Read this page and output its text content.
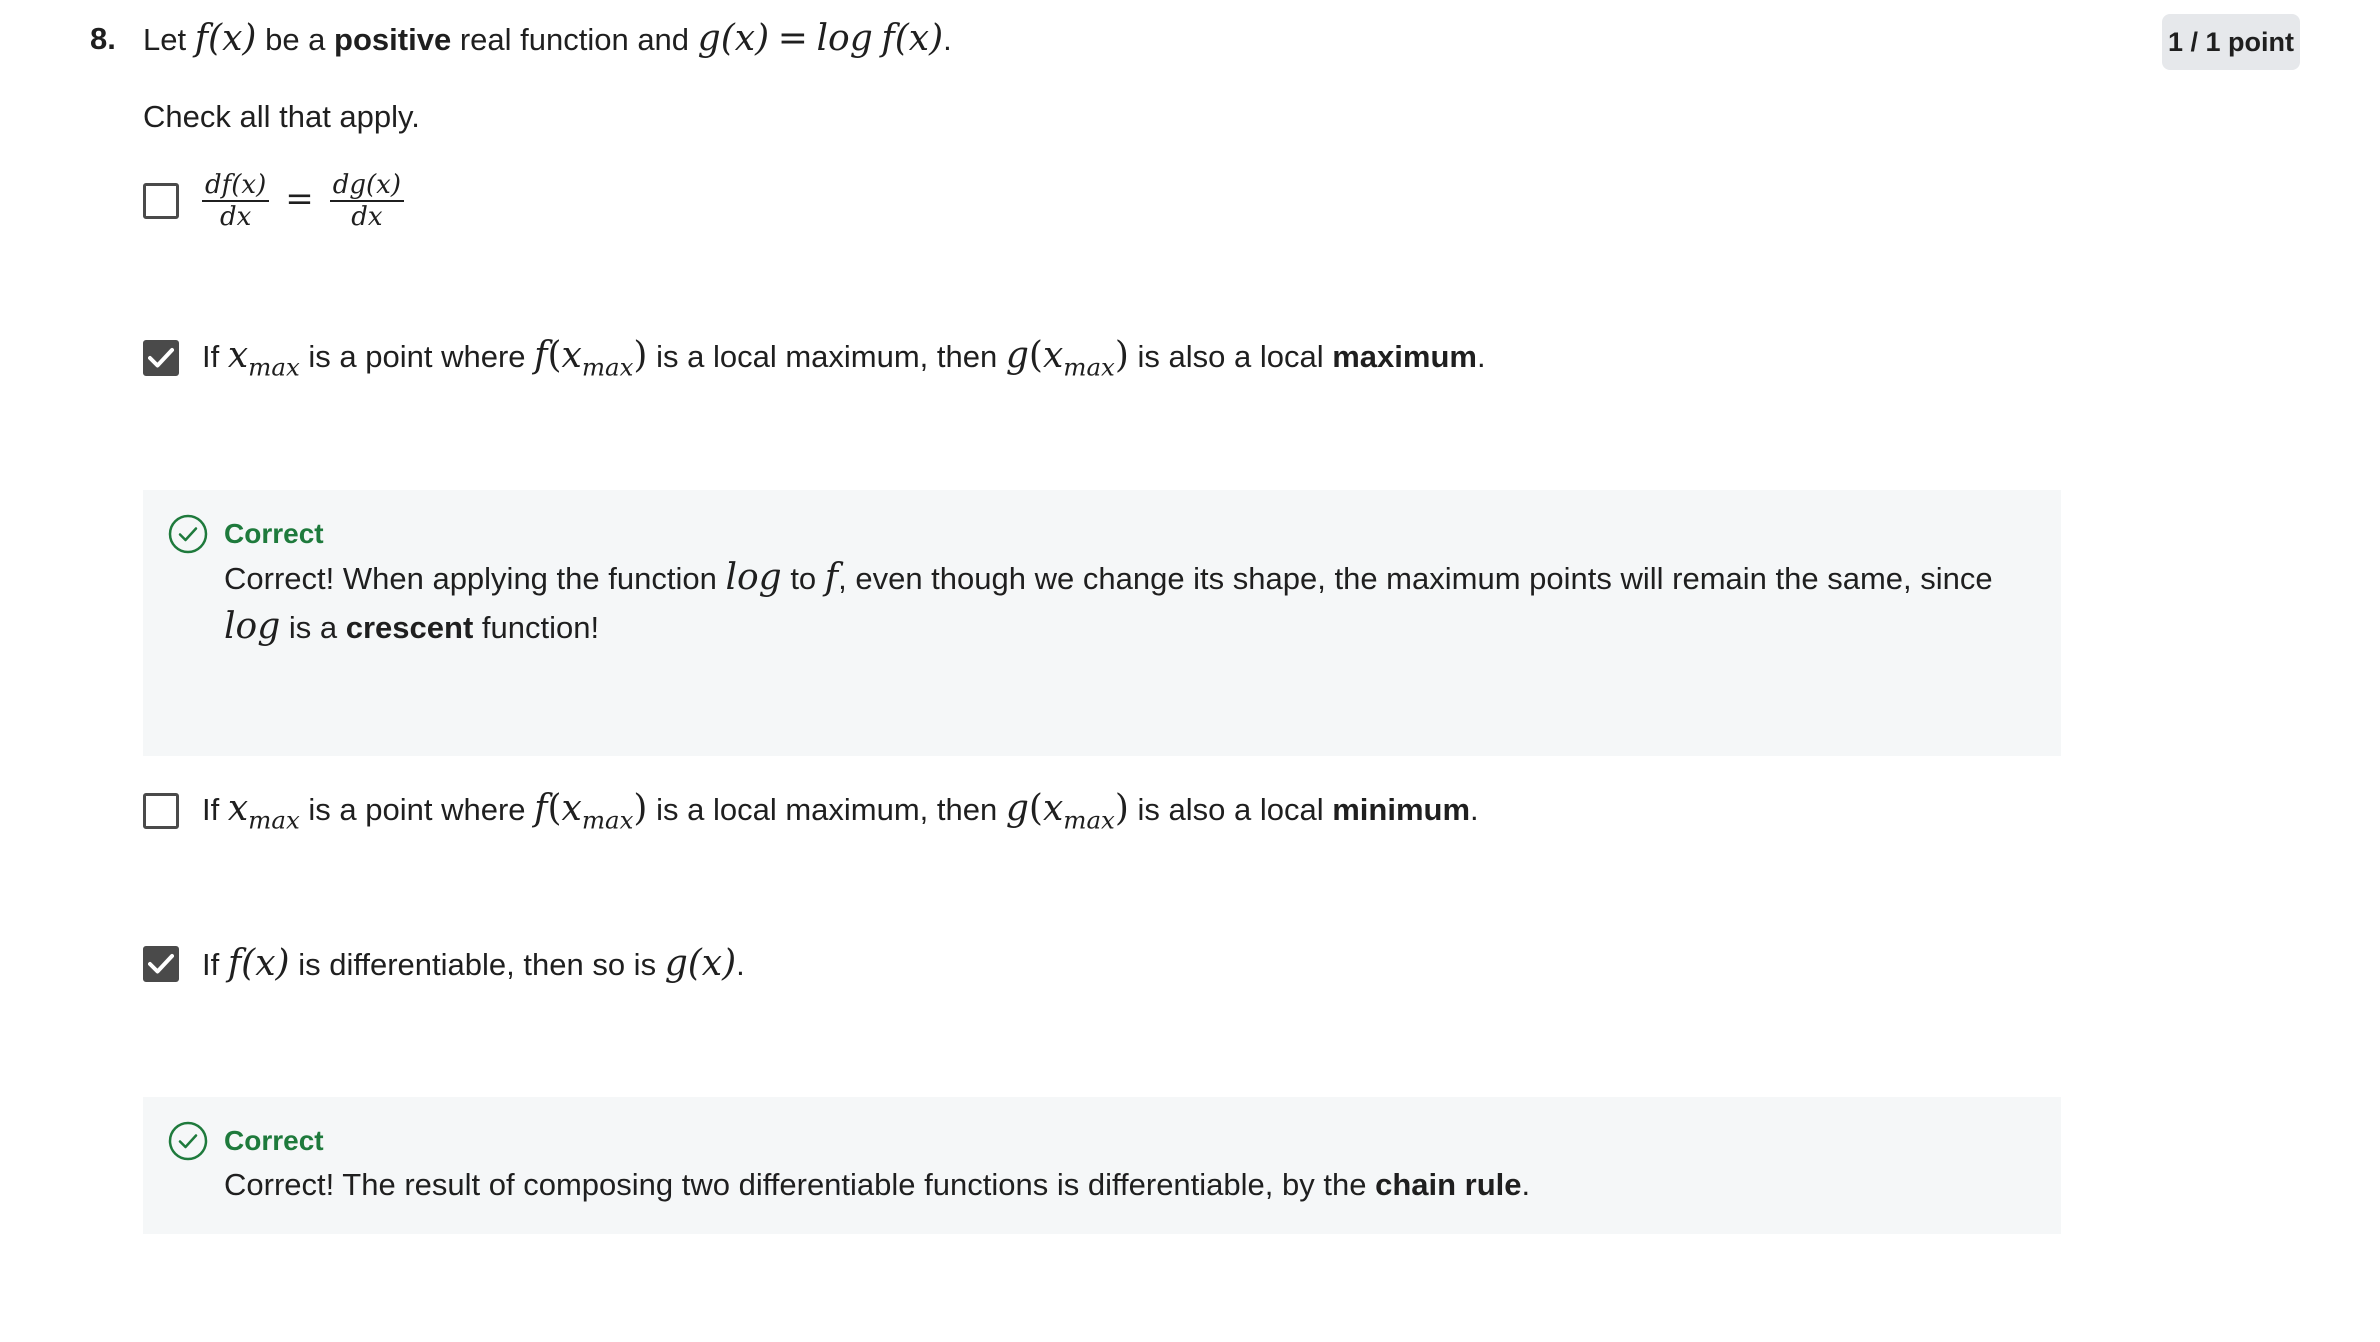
8. Let f(x) be a positive real function and g(x) = log f(x).	1 / 1 point
Check all that apply.
$\frac{df(x)}{dx} = \frac{dg(x)}{dx}$
If $x_{max}$ is a point where $f(x_{max})$ is a local maximum, then $g(x_{max})$ is also a local maximum.
Correct
Correct! When applying the function log to f, even though we change its shape, the maximum points will remain the same, since log is a crescent function!
If $x_{max}$ is a point where $f(x_{max})$ is a local maximum, then $g(x_{max})$ is also a local minimum.
If f(x) is differentiable, then so is g(x).
Correct
Correct! The result of composing two differentiable functions is differentiable, by the chain rule.
